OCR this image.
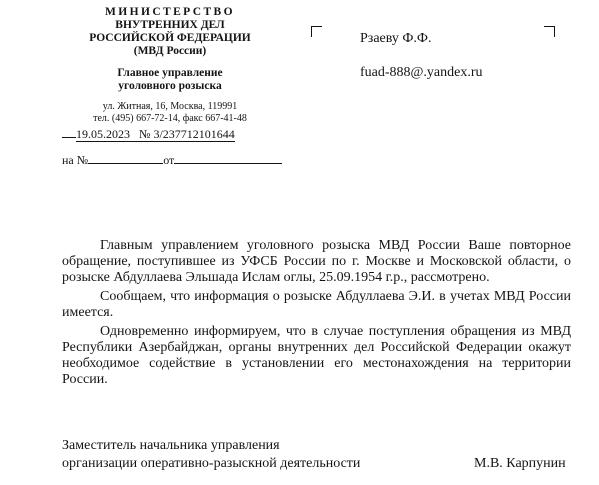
МИНИСТЕРСТВО
ВНУТРЕННИХ ДЕЛ
РОССИЙСКОЙ ФЕДЕРАЦИИ
(МВД России)
Главное управление
уголовного розыска
ул. Житная, 16, Москва, 119991
тел. (495) 667-72-14, факс 667-41-48
19.05.2023 № 3/237712101644
на №	от
Рзаеву Ф.Ф.
fuad-888@.yandex.ru

Главным управлением уголовного розыска МВД России Ваше повторное обращение, поступившее из УФСБ России по г. Москве и Московской области, о розыске Абдуллаева Эльшада Ислам оглы, 25.09.1954 г.р., рассмотрено.

Сообщаем, что информация о розыске Абдуллаева Э.И. в учетах МВД России имеется.

Одновременно информируем, что в случае поступления обращения из МВД Республики Азербайджан, органы внутренних дел Российской Федерации окажут необходимое содействие в установлении его местонахождения на территории России.

Заместитель начальника управления
организации оперативно-разыскной деятельности	М.В. Карпунин
